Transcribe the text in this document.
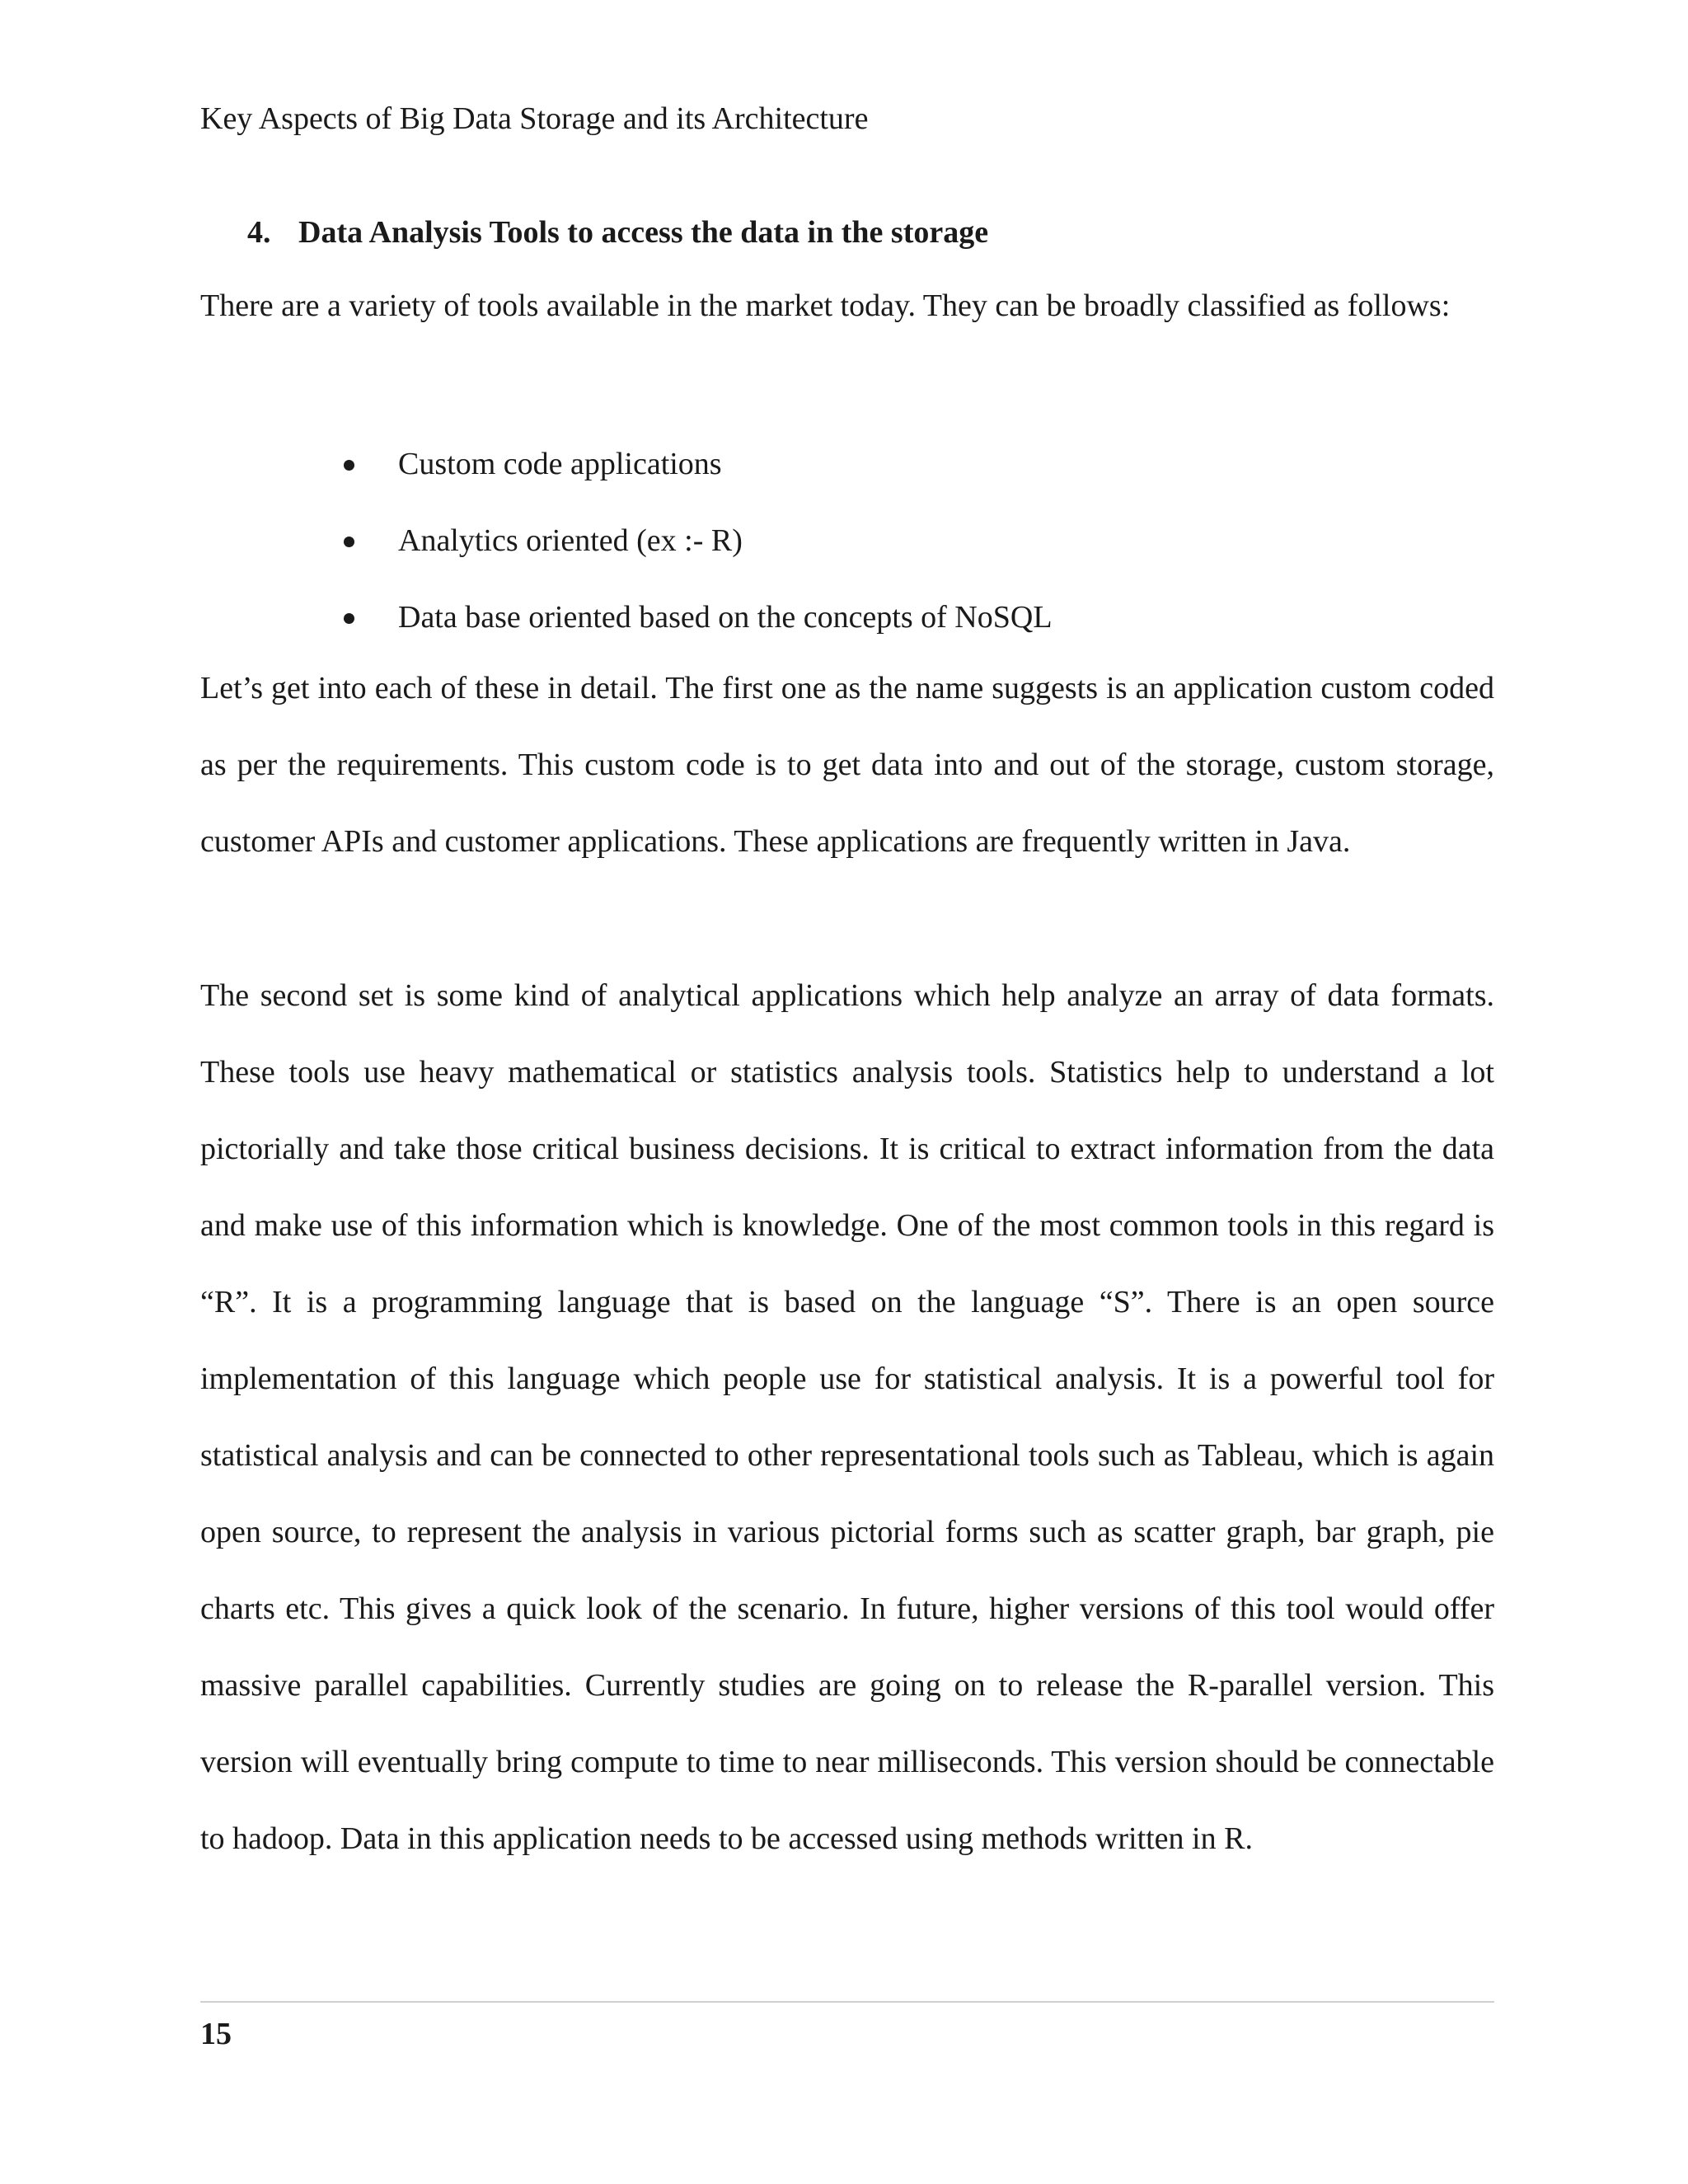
Key Aspects of Big Data Storage and its Architecture
4. Data Analysis Tools to access the data in the storage

There are a variety of tools available in the market today. They can be broadly classified as follows:

Custom code applications
Analytics oriented (ex :- R)
Data base oriented based on the concepts of NoSQL

Let’s get into each of these in detail. The first one as the name suggests is an application custom coded as per the requirements. This custom code is to get data into and out of the storage, custom storage, customer APIs and customer applications. These applications are frequently written in Java.

The second set is some kind of analytical applications which help analyze an array of data formats. These tools use heavy mathematical or statistics analysis tools. Statistics help to understand a lot pictorially and take those critical business decisions. It is critical to extract information from the data and make use of this information which is knowledge. One of the most common tools in this regard is “R”. It is a programming language that is based on the language “S”. There is an open source implementation of this language which people use for statistical analysis. It is a powerful tool for statistical analysis and can be connected to other representational tools such as Tableau, which is again open source, to represent the analysis in various pictorial forms such as scatter graph, bar graph, pie charts etc. This gives a quick look of the scenario. In future, higher versions of this tool would offer massive parallel capabilities. Currently studies are going on to release the R-parallel version. This version will eventually bring compute to time to near milliseconds. This version should be connectable to hadoop. Data in this application needs to be accessed using methods written in R.

15
